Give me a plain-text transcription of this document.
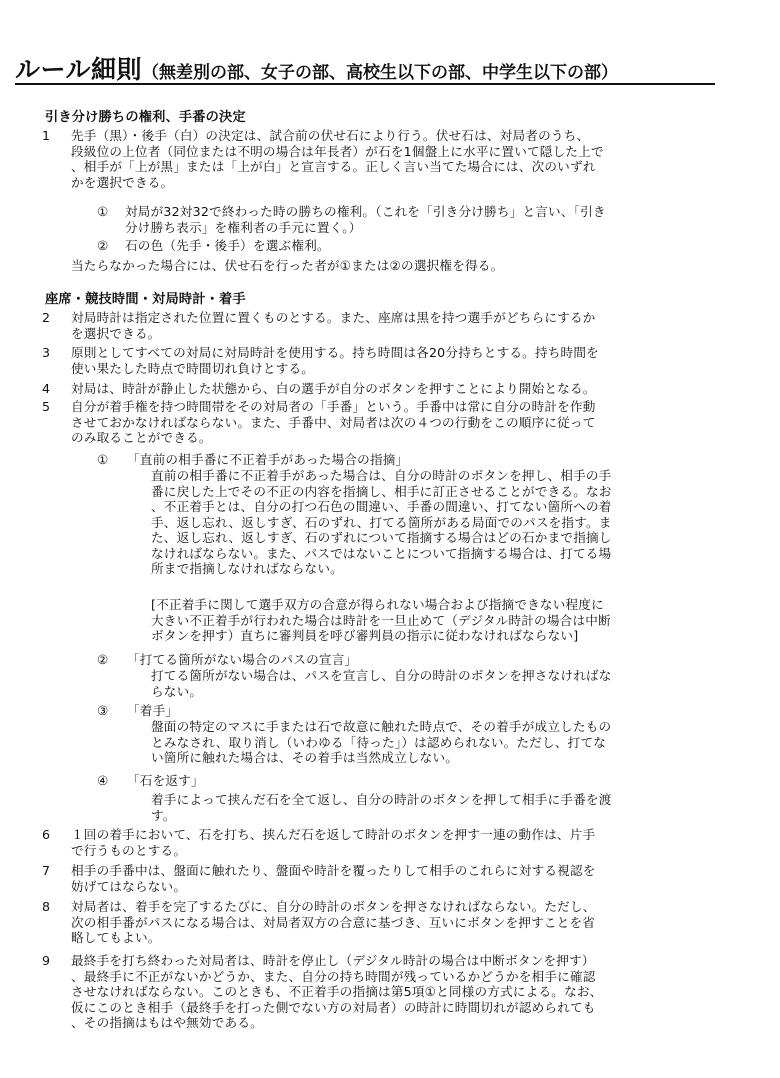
ルール細則（無差別の部、女子の部、高校生以下の部、中学生以下の部）
引き分け勝ちの権利、手番の決定
1	先手（黒）・後手（白）の決定は、試合前の伏せ石により行う。伏せ石は、対局者のうち、
段級位の上位者（同位または不明の場合は年長者）が石を1個盤上に水平に置いて隠した上で
、相手が「上が黒」または「上が白」と宣言する。正しく言い当てた場合には、次のいずれ
かを選択できる。
①	対局が32対32で終わった時の勝ちの権利。（これを「引き分け勝ち」と言い、「引き
分け勝ち表示」を権利者の手元に置く。）
②	石の色（先手・後手）を選ぶ権利。
当たらなかった場合には、伏せ石を行った者が①または②の選択権を得る。
座席・競技時間・対局時計・着手
2	対局時計は指定された位置に置くものとする。また、座席は黒を持つ選手がどちらにするか
を選択できる。
3	原則としてすべての対局に対局時計を使用する。持ち時間は各20分持ちとする。持ち時間を
使い果たした時点で時間切れ負けとする。
4	対局は、時計が静止した状態から、白の選手が自分のボタンを押すことにより開始となる。
5	自分が着手権を持つ時間帯をその対局者の「手番」という。手番中は常に自分の時計を作動
させておかなければならない。また、手番中、対局者は次の４つの行動をこの順序に従って
のみ取ることができる。
①	「直前の相手番に不正着手があった場合の指摘」
直前の相手番に不正着手があった場合は、自分の時計のボタンを押し、相手の手
番に戻した上でその不正の内容を指摘し、相手に訂正させることができる。なお
、不正着手とは、自分の打つ石色の間違い、手番の間違い、打てない箇所への着
手、返し忘れ、返しすぎ、石のずれ、打てる箇所がある局面でのパスを指す。ま
た、返し忘れ、返しすぎ、石のずれについて指摘する場合はどの石かまで指摘し
なければならない。また、パスではないことについて指摘する場合は、打てる場
所まで指摘しなければならない。
[不正着手に関して選手双方の合意が得られない場合および指摘できない程度に
大きい不正着手が行われた場合は時計を一旦止めて（デジタル時計の場合は中断
ボタンを押す）直ちに審判員を呼び審判員の指示に従わなければならない]
②	「打てる箇所がない場合のパスの宣言」
打てる箇所がない場合は、パスを宣言し、自分の時計のボタンを押さなければな
らない。
③	「着手」
盤面の特定のマスに手または石で故意に触れた時点で、その着手が成立したもの
とみなされ、取り消し（いわゆる「待った」）は認められない。ただし、打てな
い箇所に触れた場合は、その着手は当然成立しない。
④	「石を返す」
着手によって挟んだ石を全て返し、自分の時計のボタンを押して相手に手番を渡
す。
6	１回の着手において、石を打ち、挟んだ石を返して時計のボタンを押す一連の動作は、片手
で行うものとする。
7	相手の手番中は、盤面に触れたり、盤面や時計を覆ったりして相手のこれらに対する視認を
妨げてはならない。
8	対局者は、着手を完了するたびに、自分の時計のボタンを押さなければならない。ただし、
次の相手番がパスになる場合は、対局者双方の合意に基づき、互いにボタンを押すことを省
略してもよい。
9	最終手を打ち終わった対局者は、時計を停止し（デジタル時計の場合は中断ボタンを押す）
、最終手に不正がないかどうか、また、自分の持ち時間が残っているかどうかを相手に確認
させなければならない。このときも、不正着手の指摘は第5項①と同様の方式による。なお、
仮にこのとき相手（最終手を打った側でない方の対局者）の時計に時間切れが認められても
、その指摘はもはや無効である。
